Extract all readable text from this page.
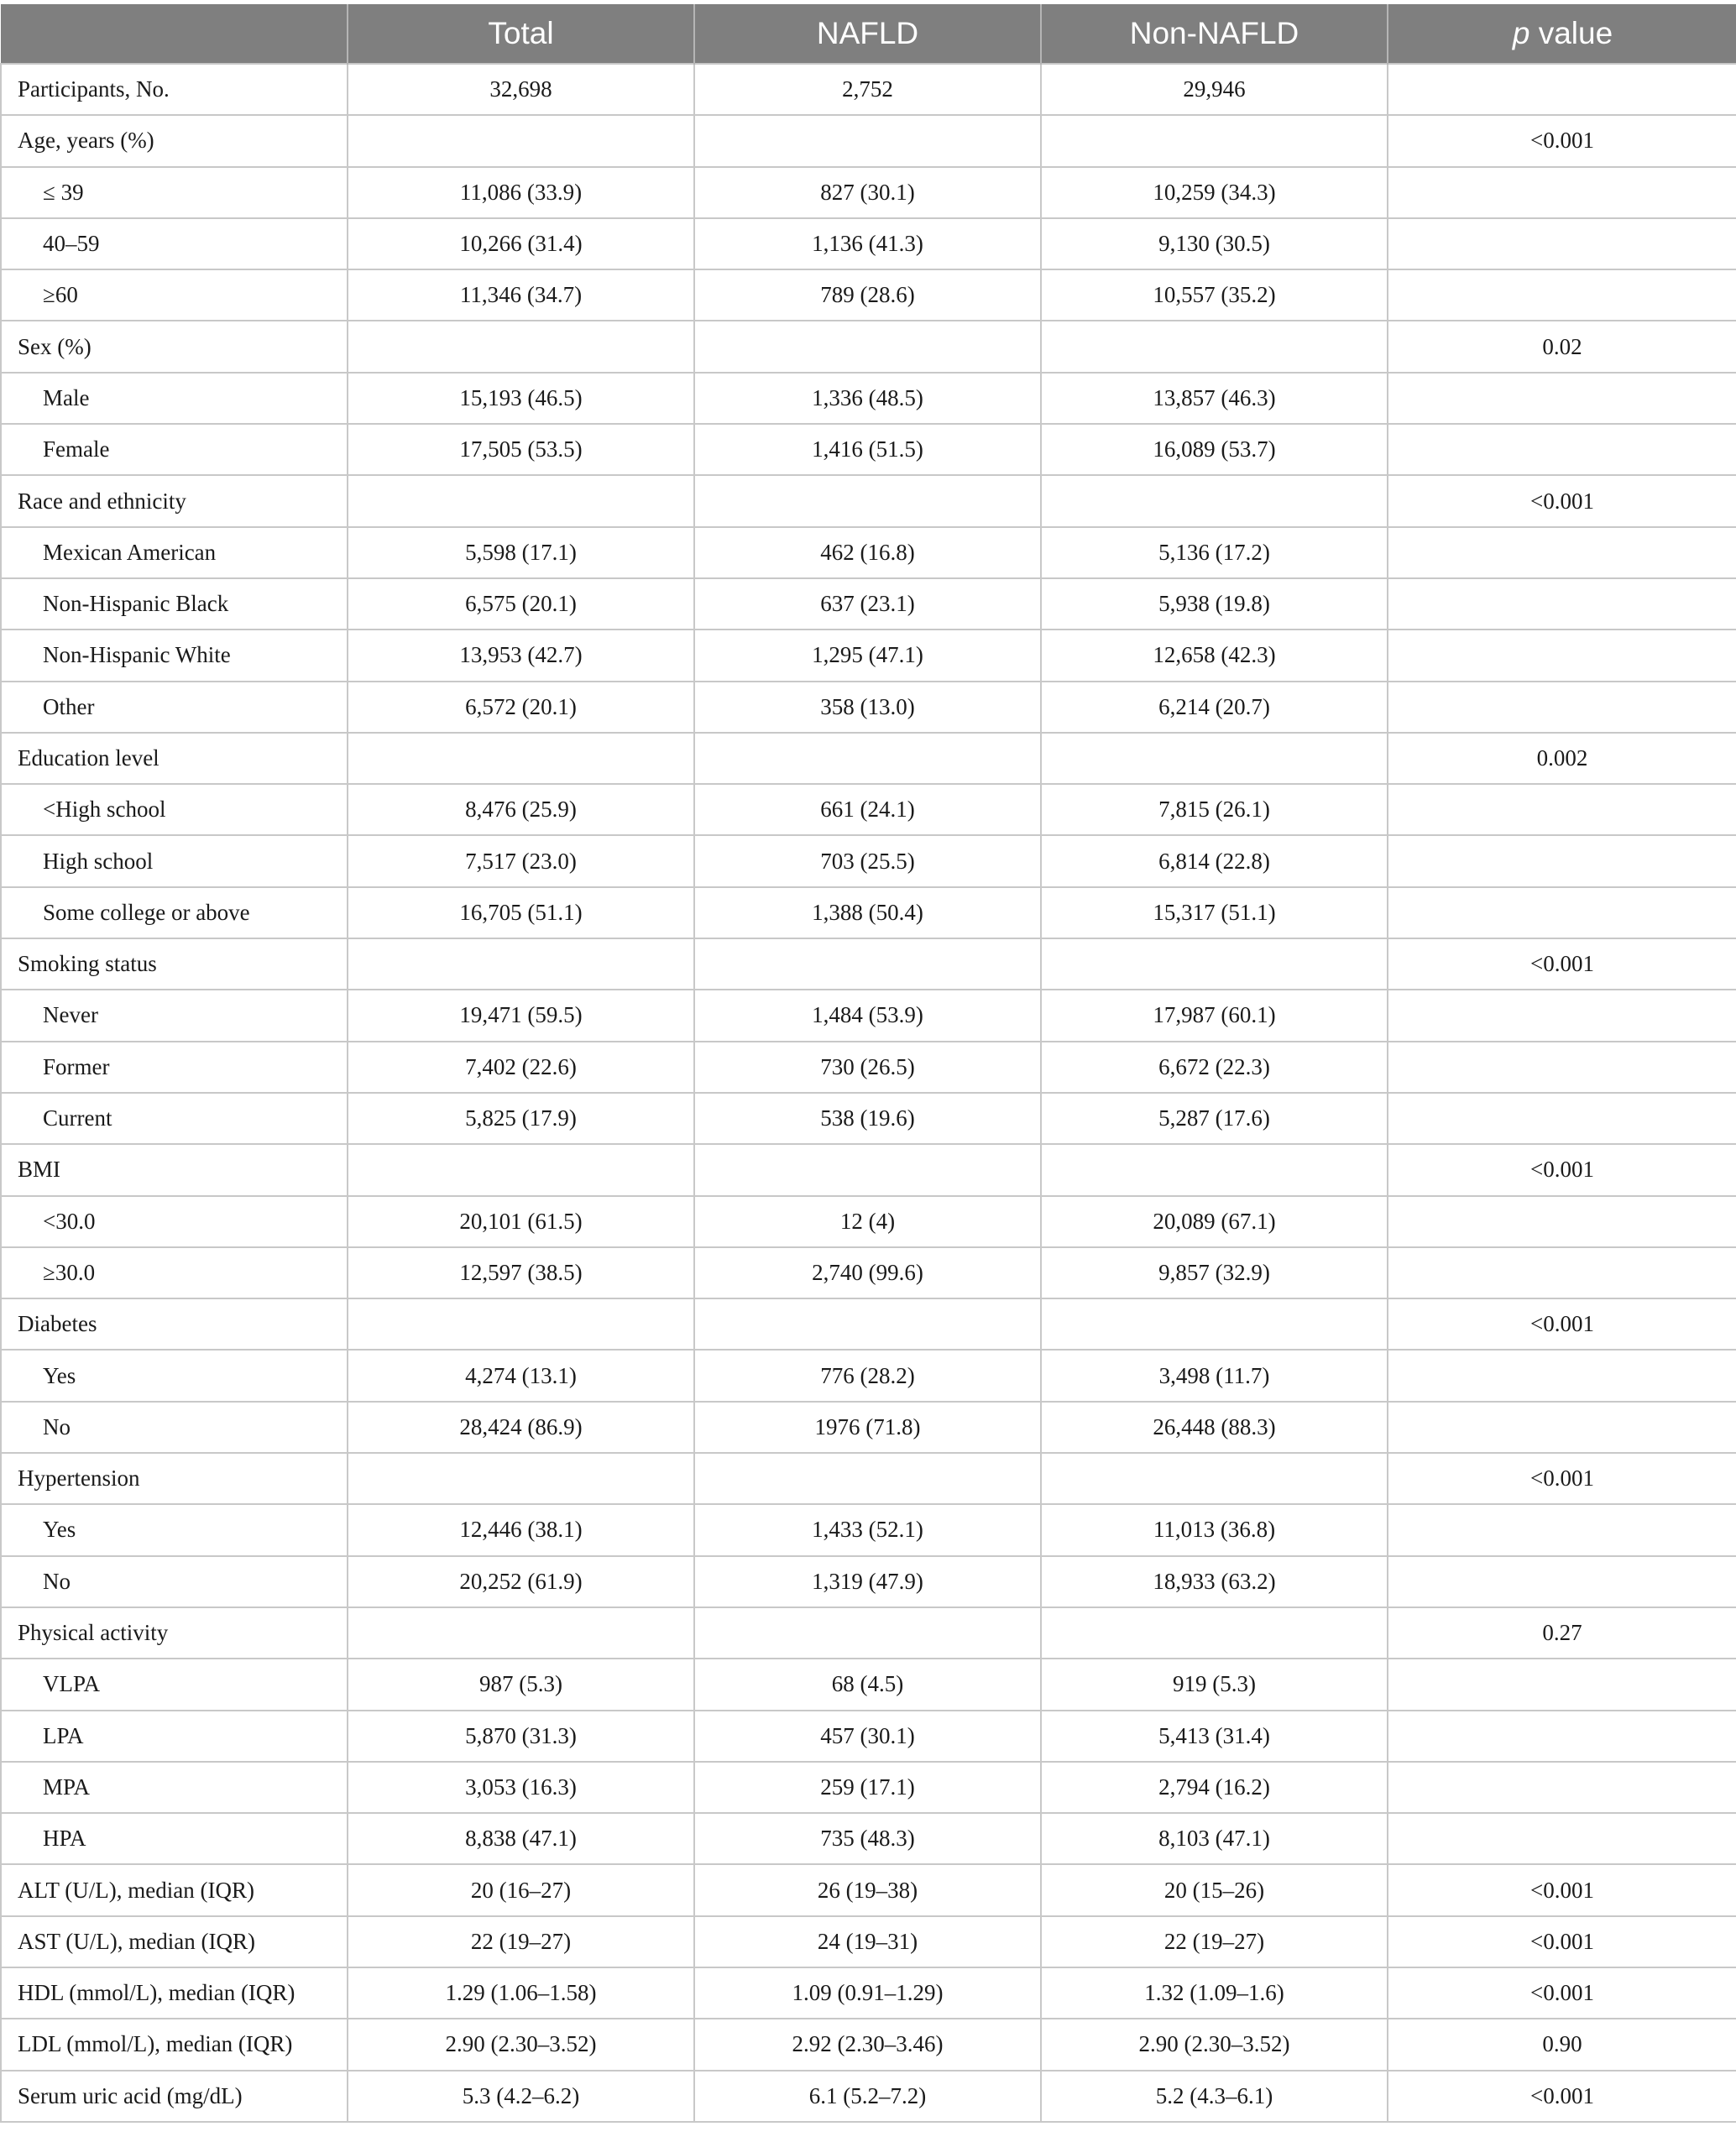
	Total	NAFLD	Non-NAFLD	p value
Participants, No.	32,698	2,752	29,946	
Age, years (%)				<0.001
≤ 39	11,086 (33.9)	827 (30.1)	10,259 (34.3)	
40–59	10,266 (31.4)	1,136 (41.3)	9,130 (30.5)	
≥60	11,346 (34.7)	789 (28.6)	10,557 (35.2)	
Sex (%)				0.02
Male	15,193 (46.5)	1,336 (48.5)	13,857 (46.3)	
Female	17,505 (53.5)	1,416 (51.5)	16,089 (53.7)	
Race and ethnicity				<0.001
Mexican American	5,598 (17.1)	462 (16.8)	5,136 (17.2)	
Non-Hispanic Black	6,575 (20.1)	637 (23.1)	5,938 (19.8)	
Non-Hispanic White	13,953 (42.7)	1,295 (47.1)	12,658 (42.3)	
Other	6,572 (20.1)	358 (13.0)	6,214 (20.7)	
Education level				0.002
<High school	8,476 (25.9)	661 (24.1)	7,815 (26.1)	
High school	7,517 (23.0)	703 (25.5)	6,814 (22.8)	
Some college or above	16,705 (51.1)	1,388 (50.4)	15,317 (51.1)	
Smoking status				<0.001
Never	19,471 (59.5)	1,484 (53.9)	17,987 (60.1)	
Former	7,402 (22.6)	730 (26.5)	6,672 (22.3)	
Current	5,825 (17.9)	538 (19.6)	5,287 (17.6)	
BMI				<0.001
<30.0	20,101 (61.5)	12 (4)	20,089 (67.1)	
≥30.0	12,597 (38.5)	2,740 (99.6)	9,857 (32.9)	
Diabetes				<0.001
Yes	4,274 (13.1)	776 (28.2)	3,498 (11.7)	
No	28,424 (86.9)	1976 (71.8)	26,448 (88.3)	
Hypertension				<0.001
Yes	12,446 (38.1)	1,433 (52.1)	11,013 (36.8)	
No	20,252 (61.9)	1,319 (47.9)	18,933 (63.2)	
Physical activity				0.27
VLPA	987 (5.3)	68 (4.5)	919 (5.3)	
LPA	5,870 (31.3)	457 (30.1)	5,413 (31.4)	
MPA	3,053 (16.3)	259 (17.1)	2,794 (16.2)	
HPA	8,838 (47.1)	735 (48.3)	8,103 (47.1)	
ALT (U/L), median (IQR)	20 (16–27)	26 (19–38)	20 (15–26)	<0.001
AST (U/L), median (IQR)	22 (19–27)	24 (19–31)	22 (19–27)	<0.001
HDL (mmol/L), median (IQR)	1.29 (1.06–1.58)	1.09 (0.91–1.29)	1.32 (1.09–1.6)	<0.001
LDL (mmol/L), median (IQR)	2.90 (2.30–3.52)	2.92 (2.30–3.46)	2.90 (2.30–3.52)	0.90
Serum uric acid (mg/dL)	5.3 (4.2–6.2)	6.1 (5.2–7.2)	5.2 (4.3–6.1)	<0.001
